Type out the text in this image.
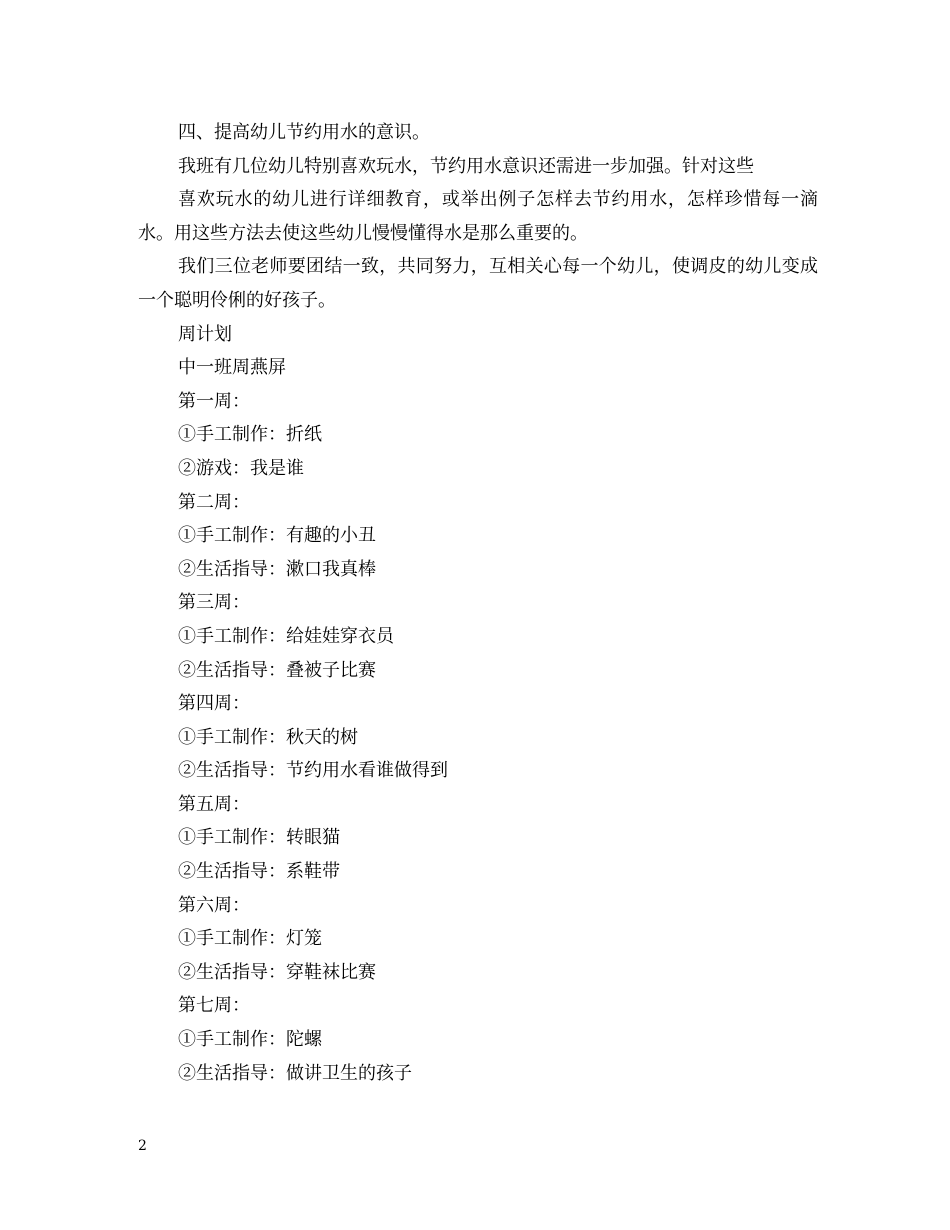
四、提高幼儿节约用水的意识。

我班有几位幼儿特别喜欢玩水，节约用水意识还需进一步加强。针对这些

喜欢玩水的幼儿进行详细教育，或举出例子怎样去节约用水，怎样珍惜每一滴水。用这些方法去使这些幼儿慢慢懂得水是那么重要的。

我们三位老师要团结一致，共同努力，互相关心每一个幼儿，使调皮的幼儿变成一个聪明伶俐的好孩子。

周计划

中一班周燕屏

第一周：

①手工制作：折纸

②游戏：我是谁

第二周：

①手工制作：有趣的小丑

②生活指导：漱口我真棒

第三周：

①手工制作：给娃娃穿衣员

②生活指导：叠被子比赛

第四周：

①手工制作：秋天的树

②生活指导：节约用水看谁做得到

第五周：

①手工制作：转眼猫

②生活指导：系鞋带

第六周：

①手工制作：灯笼

②生活指导：穿鞋袜比赛

第七周：

①手工制作：陀螺

②生活指导：做讲卫生的孩子

2
